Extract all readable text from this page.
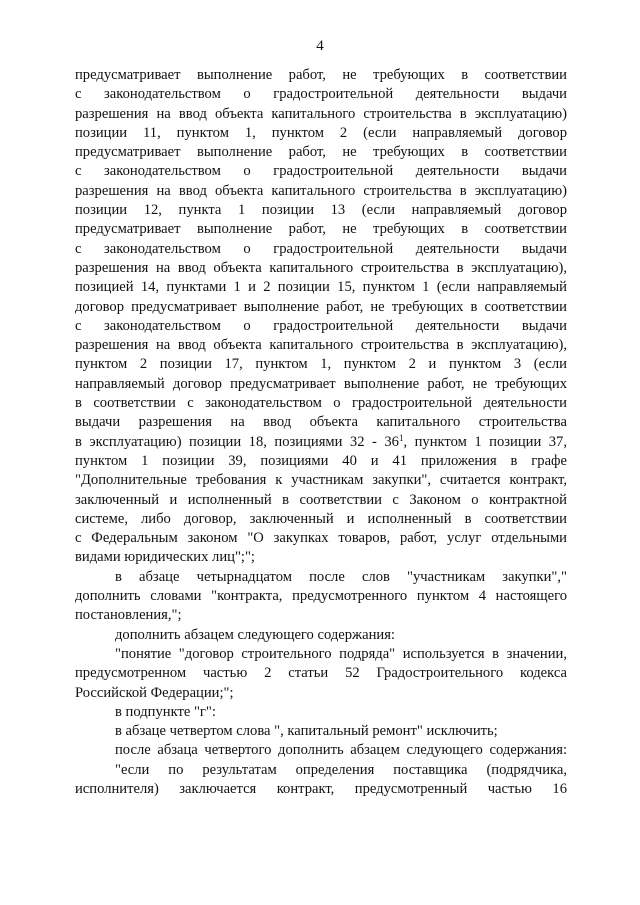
4
предусматривает выполнение работ, не требующих в соответствии
с законодательством о градостроительной деятельности выдачи
разрешения на ввод объекта капитального строительства в эксплуатацию)
позиции 11, пунктом 1, пунктом 2 (если направляемый договор
предусматривает выполнение работ, не требующих в соответствии
с законодательством о градостроительной деятельности выдачи
разрешения на ввод объекта капитального строительства в эксплуатацию)
позиции 12, пункта 1 позиции 13 (если направляемый договор
предусматривает выполнение работ, не требующих в соответствии
с законодательством о градостроительной деятельности выдачи
разрешения на ввод объекта капитального строительства в эксплуатацию),
позицией 14, пунктами 1 и 2 позиции 15, пунктом 1 (если направляемый
договор предусматривает выполнение работ, не требующих в соответствии
с законодательством о градостроительной деятельности выдачи
разрешения на ввод объекта капитального строительства в эксплуатацию),
пунктом 2 позиции 17, пунктом 1, пунктом 2 и пунктом 3 (если
направляемый договор предусматривает выполнение работ, не требующих
в соответствии с законодательством о градостроительной деятельности
выдачи разрешения на ввод объекта капитального строительства
в эксплуатацию) позиции 18, позициями $32 - 36^1$, пунктом 1 позиции 37,
пунктом 1 позиции 39, позициями 40 и 41 приложения в графе
"Дополнительные требования к участникам закупки", считается контракт,
заключенный и исполненный в соответствии с Законом о контрактной
системе, либо договор, заключенный и исполненный в соответствии
с Федеральным законом "О закупках товаров, работ, услуг отдельными
видами юридических лиц";";
в абзаце четырнадцатом после слов "участникам закупки","
дополнить словами "контракта, предусмотренного пунктом 4 настоящего
постановления,";
дополнить абзацем следующего содержания:
"понятие "договор строительного подряда" используется в значении,
предусмотренном частью 2 статьи 52 Градостроительного кодекса
Российской Федерации;";
в подпункте "г":
в абзаце четвертом слова ", капитальный ремонт" исключить;
после абзаца четвертого дополнить абзацем следующего содержания:
"если по результатам определения поставщика (подрядчика,
исполнителя) заключается контракт, предусмотренный частью 16
